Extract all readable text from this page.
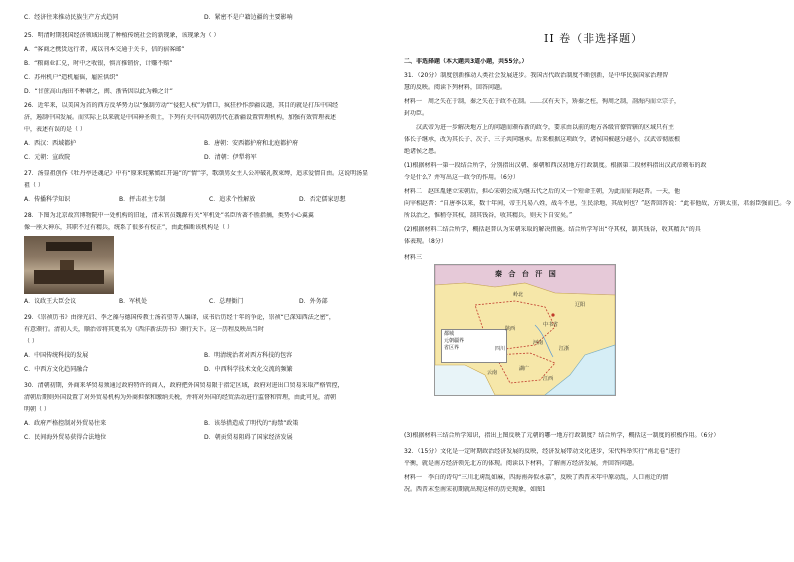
C．经济往来推动民族生产方式趋同	D．紧密不是户籍边疆的主要影响
25．明清时期我国经济领域出现了种植传统社会的新现象，该现象为（ ）
A．“客商之携货远行者，咸以刊本交通于关卡，信的宿客邮”
B．“粮商业汇兑，时中之收银，慎言推销价，计赚不赔”
C．苏州机户“造机雇徭，雇匠供织”
D．“甘蔗高山海田不种耕之，闽、浙皆因以此为赖之计”
26．近年来，以美国为首的西方反华势力以“强制劳动”“侵犯人权”为借口，疯狂抄作涉疆议题，其目的就是打压中国经
济，遏制中国发展。而实际上以来就是中国神圣领土，下列有关中国历朝历代在新疆设置管理机构，加强有效管理表述
中，表述有误的是（ ）
A．西汉：西域都护	B．唐朝：安西都护府和北庭都护府
C．元朝：宣政院	D．清朝：伊犁将军
27．汤显祖创作《牡丹亭还魂记》中有“原来姹紫嫣红开遍”的“情”字，歌颂男女主人公冲破礼教束缚，追求爱情自由。这说明汤显
祖（ ）
A．传播科学知识	B．抨击君主专制	C．追求个性解放	D．否定儒家思想
28．下图为北京故宫博物院中一处机构的旧址，清末官员魏源有关“军机处”名臣所著不胜指摘，类势小心翼翼
像一座大神东，其职不过有精兵，统系了很多有校正”，由此推断该机构是（ ）
A．议政王大臣会议	B．军机处	C．总理衙门	D．外务部
29．《崇祯历书》由徐光启、李之藻与德国传教士汤若望等人编译，成书后历经十年的争论，崇祯“已深知西法之密”，
有意颁行。清初人关，顺治帝将其更名为《西洋新法历书》颁行天下。这一历程反映出当时
（ ）
A．中国传统科技的发展	B．明清统治者对西方科技的包容
C．中西方文化趋同融合	D．中西科学技术文化交流的频繁
30．清朝初期，外商来华贸易须通过政府特许的商人，政府把外国贸易限于指定区域，政府对进出口贸易采取严格管控，
清朝后期则外国设置了对外贸易机构为外商担保和缴纳关税，并将对外国的经贸活动进行监督和管理，由此可见，清朝
明朝（ ）
A．政府严格控制对外贸易往来	B．该举措造成了明代的“海禁”政策
C．民间海外贸易获得合法地位	D．朝贡贸易阻碍了国家经济发展
II 卷（非选择题）
二、非选择题（本大题共3道小题，共55分。）
31．（20分）制度创新推动人类社会发展进步。我国古代政治制度不断创新，是中华民族国家治理智
慧的反映。阅读下列材料，回答问题。
材料一　周之失在于制，秦之失在于政不在制。……汉有天下，矫秦之枉，徇周之制，剖海内而立宗子，
封功臣。
　　汉武帝为进一步解决地方上的问题而颁布新的政令，要求由以前的地方各级官僚管辖的区域只有主
体长子继承，改为其长子、次子、三子共同继承。后来根据这项政令，诸侯国被越分越小，汉武帝彻底根
绝诸侯之患。
(1)根据材料一第一段结合所学，分别指出汉朝、秦朝和西汉初地方行政制度。根据第二段材料指出汉武帝颁布的政
令是什么？并写出这一政令的作用。（6分）
材料二　赵匡胤建立宋朝后，担心宋朝会成为继五代之后的又一个短命王朝，为此而征询赵普。一天，他
向宰相赵普：“自唐季以来，数十年间，帝王凡易八姓，战斗不息，生民涂地，其故何也？”赵普回答说：“此非他故，方镇太重，君弱臣强而已。今
所以治之，惟稍夺其权，制其钱谷，收其精兵，则天下自安矣。”
(2)根据材料二结合所学，概括赵普认为宋朝采取的解决措施。结合所学写出“夺其权，制其钱谷，收其精兵”的具
体表现。（8分）
材料三
秦 合 台 汗 国
都城
元朝疆界
省区界
岭北
辽阳
中书省
陕西
四川
河南
云南
湖广
江浙
江西
(3)根据材料三结合所学知识，指出上图反映了元朝的哪一地方行政制度？结合所学，概括这一制度的积极作用。（6分）
32．（15分）文化是一定时期政治经济发展的反映，经济发展带动文化进步，宋代科举实行“南北卷”进行
平衡，就是南方经济领先北方的体现。阅读以下材料，了解南方经济发展，并回答问题。
材料一　李白的诗句“三川北虏乱如麻，四海南奔似永嘉”，反映了西晋末年中原动乱，人口南迁的情
况。西晋末至南宋初期就出现这样的历史现象，如图1
